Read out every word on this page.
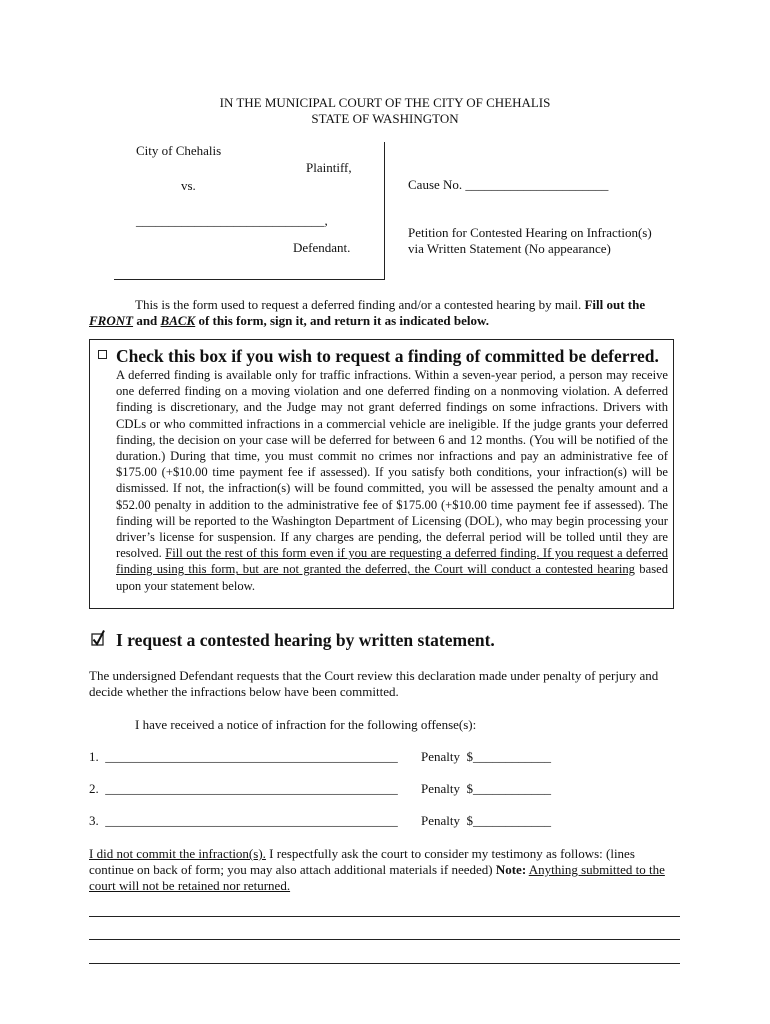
IN THE MUNICIPAL COURT OF THE CITY OF CHEHALIS
STATE OF WASHINGTON
City of Chehalis
Plaintiff,
vs.
_____________________________,
Defendant.
Cause No. ______________________
Petition for Contested Hearing on Infraction(s)
via Written Statement (No appearance)
This is the form used to request a deferred finding and/or a contested hearing by mail. Fill out the FRONT and BACK of this form, sign it, and return it as indicated below.
Check this box if you wish to request a finding of committed be deferred.
A deferred finding is available only for traffic infractions. Within a seven-year period, a person may receive one deferred finding on a moving violation and one deferred finding on a nonmoving violation. A deferred finding is discretionary, and the Judge may not grant deferred findings on some infractions. Drivers with CDLs or who committed infractions in a commercial vehicle are ineligible. If the judge grants your deferred finding, the decision on your case will be deferred for between 6 and 12 months. (You will be notified of the duration.) During that time, you must commit no crimes nor infractions and pay an administrative fee of $175.00 (+$10.00 time payment fee if assessed). If you satisfy both conditions, your infraction(s) will be dismissed. If not, the infraction(s) will be found committed, you will be assessed the penalty amount and a $52.00 penalty in addition to the administrative fee of $175.00 (+$10.00 time payment fee if assessed). The finding will be reported to the Washington Department of Licensing (DOL), who may begin processing your driver’s license for suspension. If any charges are pending, the deferral period will be tolled until they are resolved. Fill out the rest of this form even if you are requesting a deferred finding. If you request a deferred finding using this form, but are not granted the deferred, the Court will conduct a contested hearing based upon your statement below.
I request a contested hearing by written statement.
The undersigned Defendant requests that the Court review this declaration made under penalty of perjury and decide whether the infractions below have been committed.
I have received a notice of infraction for the following offense(s):
1.  _____________________________________________ Penalty  $____________
2.  _____________________________________________ Penalty  $____________
3.  _____________________________________________ Penalty  $____________
I did not commit the infraction(s). I respectfully ask the court to consider my testimony as follows: (lines continue on back of form; you may also attach additional materials if needed) Note: Anything submitted to the court will not be retained nor returned.
